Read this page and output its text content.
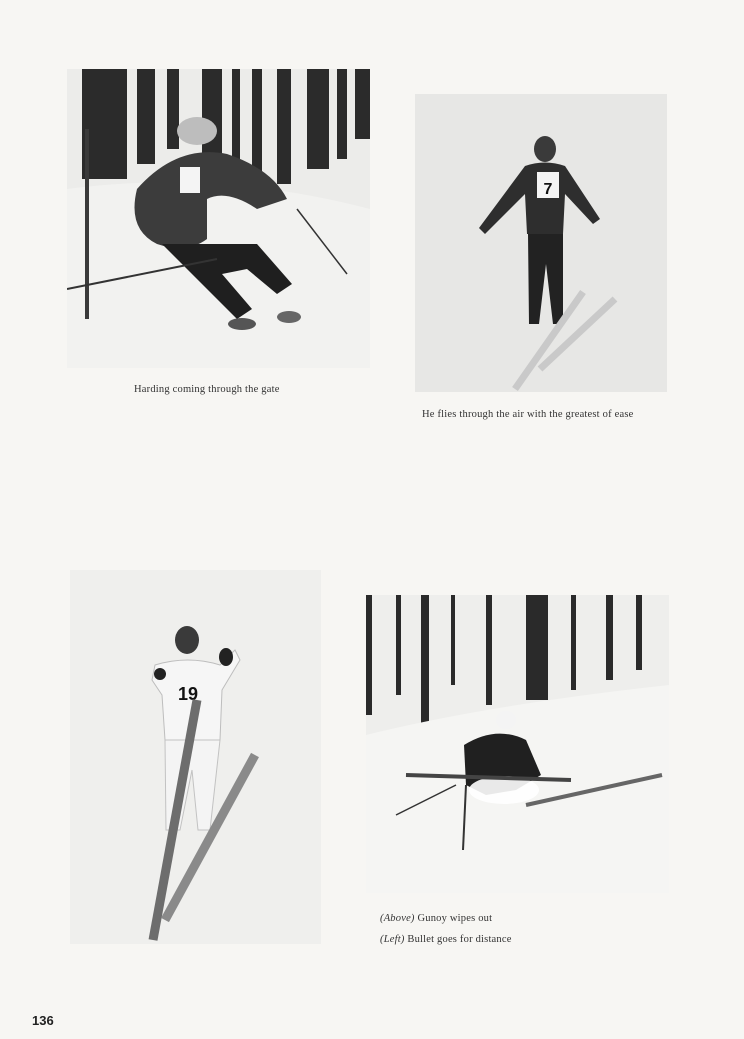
Harding coming through the gate
7
He flies through the air with the greatest of ease
19
(Above) Gunoy wipes out
(Left) Bullet goes for distance
136
